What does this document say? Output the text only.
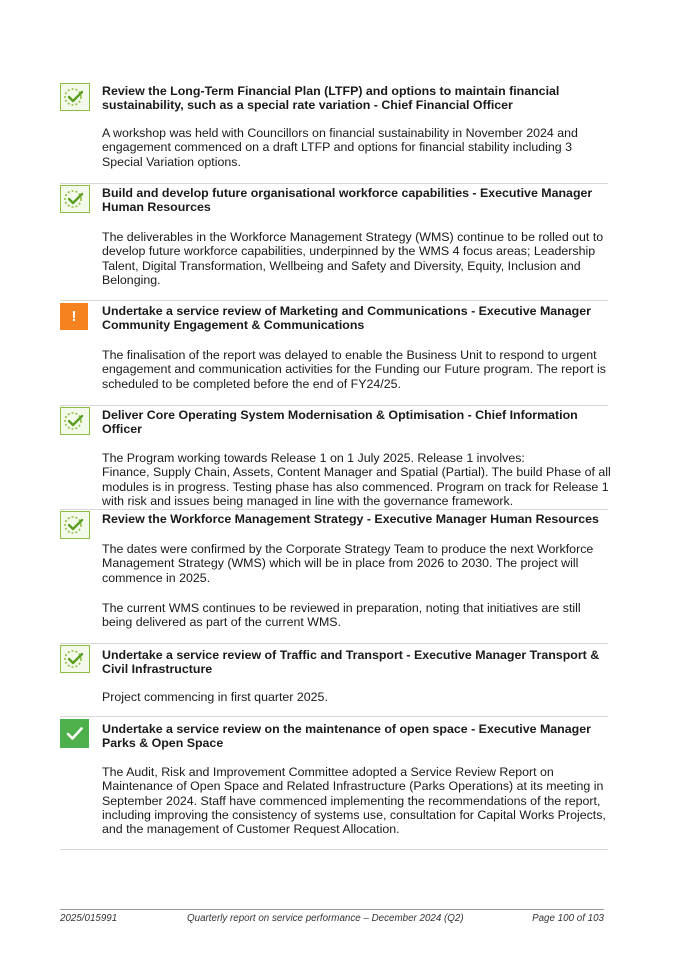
Review the Long-Term Financial Plan (LTFP) and options to maintain financial sustainability, such as a special rate variation - Chief Financial Officer

A workshop was held with Councillors on financial sustainability in November 2024 and engagement commenced on a draft LTFP and options for financial stability including 3 Special Variation options.

Build and develop future organisational workforce capabilities - Executive Manager Human Resources

The deliverables in the Workforce Management Strategy (WMS) continue to be rolled out to develop future workforce capabilities, underpinned by the WMS 4 focus areas; Leadership Talent, Digital Transformation, Wellbeing and Safety and Diversity, Equity, Inclusion and Belonging.

!	Undertake a service review of Marketing and Communications - Executive Manager Community Engagement & Communications

The finalisation of the report was delayed to enable the Business Unit to respond to urgent engagement and communication activities for the Funding our Future program. The report is scheduled to be completed before the end of FY24/25.

Deliver Core Operating System Modernisation & Optimisation - Chief Information Officer

The Program working towards Release 1 on 1 July 2025. Release 1 involves:

Finance, Supply Chain, Assets, Content Manager and Spatial (Partial). The build Phase of all modules is in progress. Testing phase has also commenced. Program on track for Release 1 with risk and issues being managed in line with the governance framework.

Review the Workforce Management Strategy - Executive Manager Human Resources

The dates were confirmed by the Corporate Strategy Team to produce the next Workforce Management Strategy (WMS) which will be in place from 2026 to 2030. The project will commence in 2025.

The current WMS continues to be reviewed in preparation, noting that initiatives are still being delivered as part of the current WMS.

Undertake a service review of Traffic and Transport - Executive Manager Transport & Civil Infrastructure

Project commencing in first quarter 2025.

Undertake a service review on the maintenance of open space - Executive Manager Parks & Open Space

The Audit, Risk and Improvement Committee adopted a Service Review Report on Maintenance of Open Space and Related Infrastructure (Parks Operations) at its meeting in September 2024. Staff have commenced implementing the recommendations of the report, including improving the consistency of systems use, consultation for Capital Works Projects, and the management of Customer Request Allocation.

2025/015991	Quarterly report on service performance – December 2024 (Q2)	Page 100 of 103
